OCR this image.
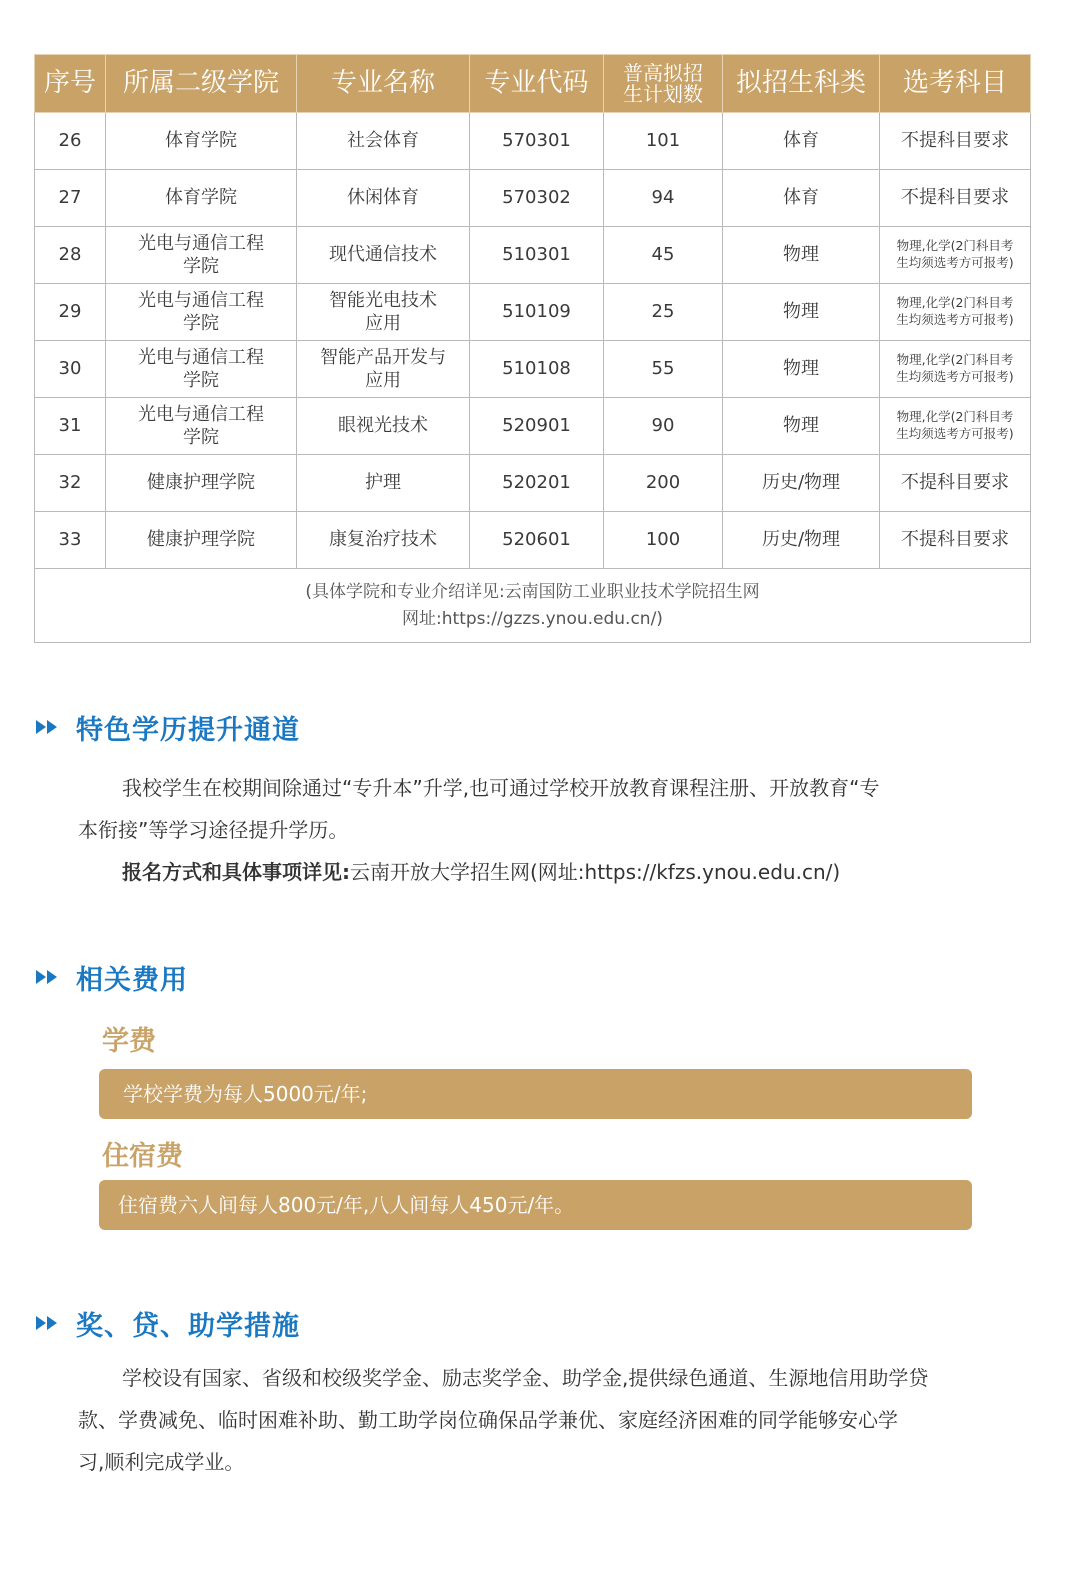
序号	所属二级学院	专业名称	专业代码	普高拟招
生计划数	拟招生科类	选考科目
26	体育学院	社会体育	570301	101	体育	不提科目要求

27	体育学院	休闲体育	570302	94	体育	不提科目要求

28	光电与通信工程
学院	现代通信技术	510301	45	物理	物理,化学(2门科目考
生均须选考方可报考)

29	光电与通信工程
学院	智能光电技术
应用	510109	25	物理	物理,化学(2门科目考
生均须选考方可报考)

30	光电与通信工程
学院	智能产品开发与
应用	510108	55	物理	物理,化学(2门科目考
生均须选考方可报考)

31	光电与通信工程
学院	眼视光技术	520901	90	物理	物理,化学(2门科目考
生均须选考方可报考)

32	健康护理学院	护理	520201	200	历史/物理	不提科目要求

33	健康护理学院	康复治疗技术	520601	100	历史/物理	不提科目要求

(具体学院和专业介绍详见:云南国防工业职业技术学院招生网
网址:https://gzzs.ynou.edu.cn/)						
特色学历提升通道
我校学生在校期间除通过“专升本”升学,也可通过学校开放教育课程注册、开放教育“专
本衔接”等学习途径提升学历。
报名方式和具体事项详见:云南开放大学招生网(网址:https://kfzs.ynou.edu.cn/)
相关费用

学费

学校学费为每人5000元/年;

住宿费

住宿费六人间每人800元/年,八人间每人450元/年。
奖、贷、助学措施
学校设有国家、省级和校级奖学金、励志奖学金、助学金,提供绿色通道、生源地信用助学贷
款、学费减免、临时困难补助、勤工助学岗位确保品学兼优、家庭经济困难的同学能够安心学
习,顺利完成学业。
